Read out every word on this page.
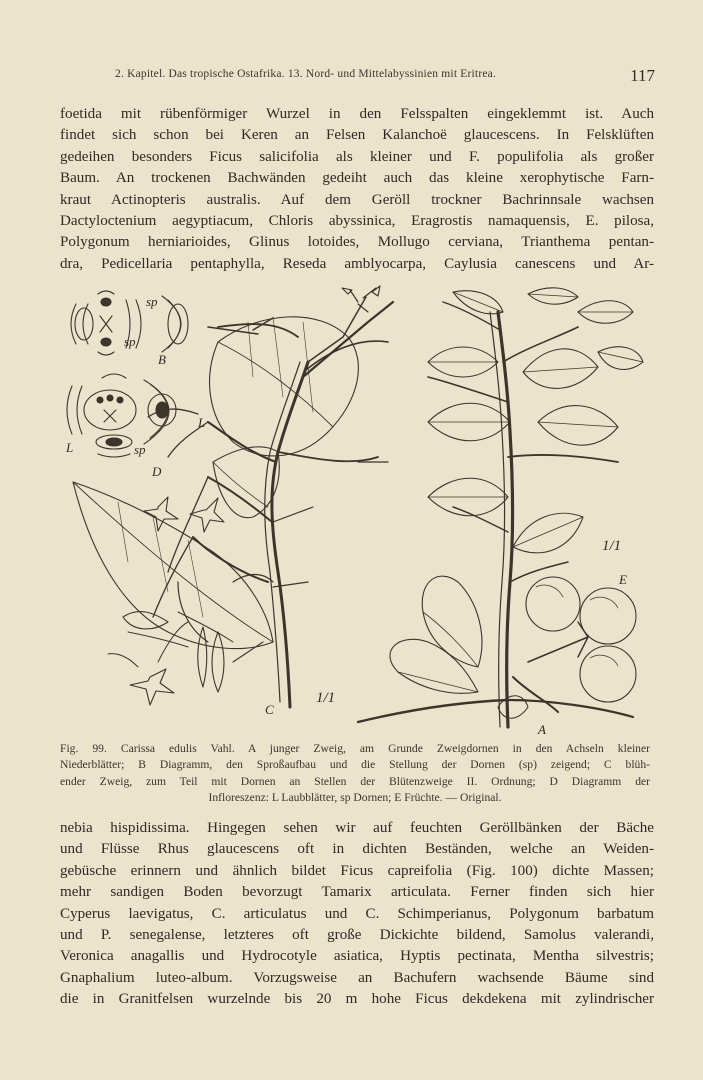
2. Kapitel. Das tropische Ostafrika. 13. Nord- und Mittelabyssinien mit Eritrea.	117
foetida mit rübenförmiger Wurzel in den Felsspalten eingeklemmt ist. Auch
findet sich schon bei Keren an Felsen Kalanchoë glaucescens. In Felsklüften
gedeihen besonders Ficus salicifolia als kleiner und F. populifolia als großer
Baum. An trockenen Bachwänden gedeiht auch das kleine xerophytische Farn-
kraut Actinopteris australis. Auf dem Geröll trockner Bachrinnsale wachsen
Dactyloctenium aegyptiacum, Chloris abyssinica, Eragrostis namaquensis, E. pilosa,
Polygonum herniarioides, Glinus lotoides, Mollugo cerviana, Trianthema pentan-
dra, Pedicellaria pentaphylla, Reseda amblyocarpa, Caylusia canescens und Ar-
sp
sp
B
L
L	sp
D
C
1/1
1/1
E
A
Fig. 99. Carissa edulis Vahl. A junger Zweig, am Grunde Zweigdornen in den Achseln kleiner
Niederblätter; B Diagramm, den Sproßaufbau und die Stellung der Dornen (sp) zeigend; C blüh-
ender Zweig, zum Teil mit Dornen an Stellen der Blütenzweige II. Ordnung; D Diagramm der
Infloreszenz: L Laubblätter, sp Dornen; E Früchte. — Original.
nebia hispidissima. Hingegen sehen wir auf feuchten Geröllbänken der Bäche
und Flüsse Rhus glaucescens oft in dichten Beständen, welche an Weiden-
gebüsche erinnern und ähnlich bildet Ficus capreifolia (Fig. 100) dichte Massen;
mehr sandigen Boden bevorzugt Tamarix articulata. Ferner finden sich hier
Cyperus laevigatus, C. articulatus und C. Schimperianus, Polygonum barbatum
und P. senegalense, letzteres oft große Dickichte bildend, Samolus valerandi,
Veronica anagallis und Hydrocotyle asiatica, Hyptis pectinata, Mentha silvestris;
Gnaphalium luteo-album. Vorzugsweise an Bachufern wachsende Bäume sind
die in Granitfelsen wurzelnde bis 20 m hohe Ficus dekdekena mit zylindrischer
